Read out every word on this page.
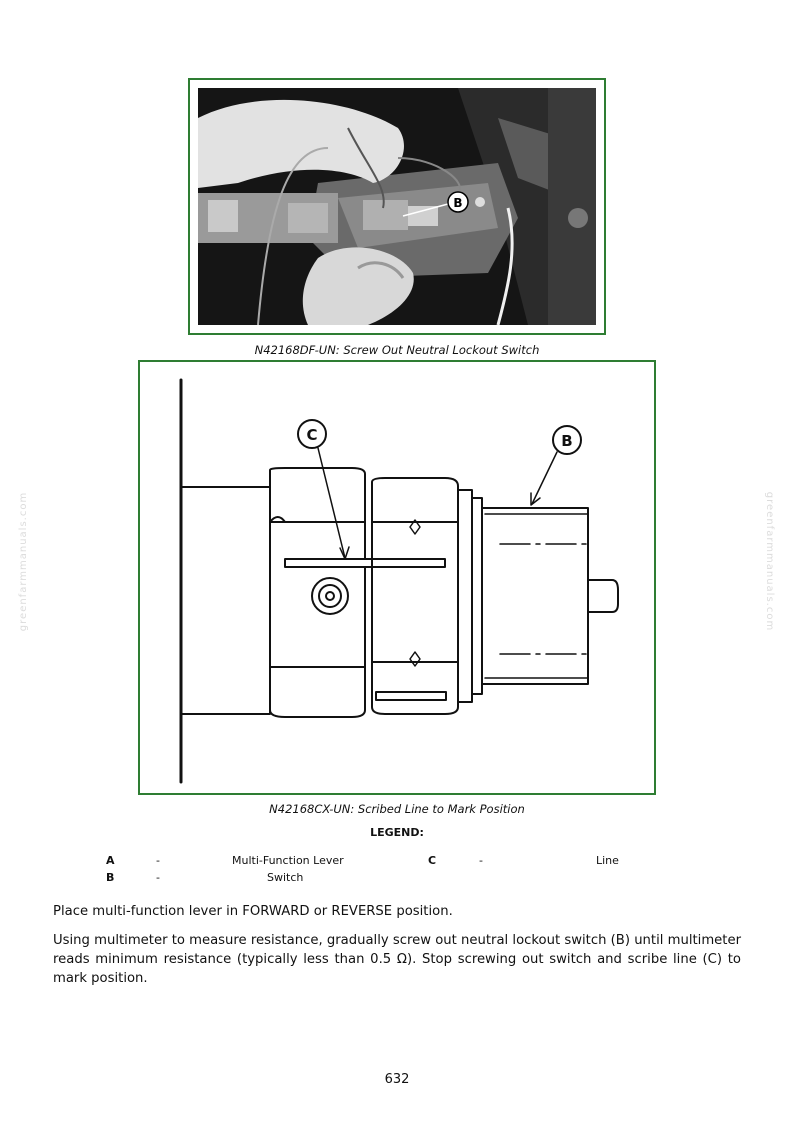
B
N42168DF-UN: Screw Out Neutral Lockout Switch
C	B
N42168CX-UN: Scribed Line to Mark Position
LEGEND:
A	-	Multi-Function Lever
B	-	Switch
C	-	Line

Place multi-function lever in FORWARD or REVERSE position.

Using multimeter to measure resistance, gradually screw out neutral lockout switch (B) until multimeter reads minimum resistance (typically less than 0.5 Ω). Stop screwing out switch and scribe line (C) to mark position.

632
greenfarmmanuals.com	greenfarmmanuals.com
